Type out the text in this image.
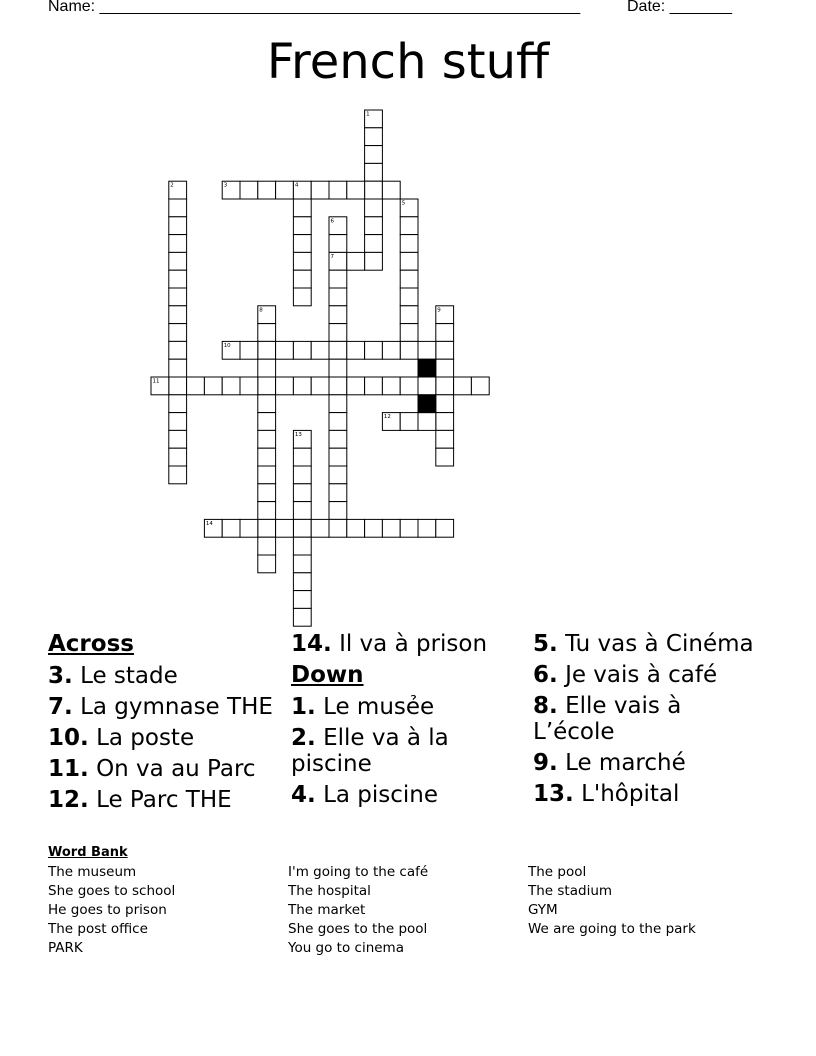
Name: ______________________________________________________	Date: _______
French stuff
1
2	3	4
5
6
7
8	9
10
11
12
13
14
Across
3. Le stade
7. La gymnase THE
10. La poste
11. On va au Parc
12. Le Parc THE
14. Il va à prison
Down
1. Le musẻe
2. Elle va à la piscine
4. La piscine
5. Tu vas à Cinéma
6. Je vais à café
8. Elle vais à L’école
9. Le marché
13. L'hôpital
Word Bank
The museum
She goes to school
He goes to prison
The post office
PARK
I'm going to the café
The hospital
The market
She goes to the pool
You go to cinema
The pool
The stadium
GYM
We are going to the park
